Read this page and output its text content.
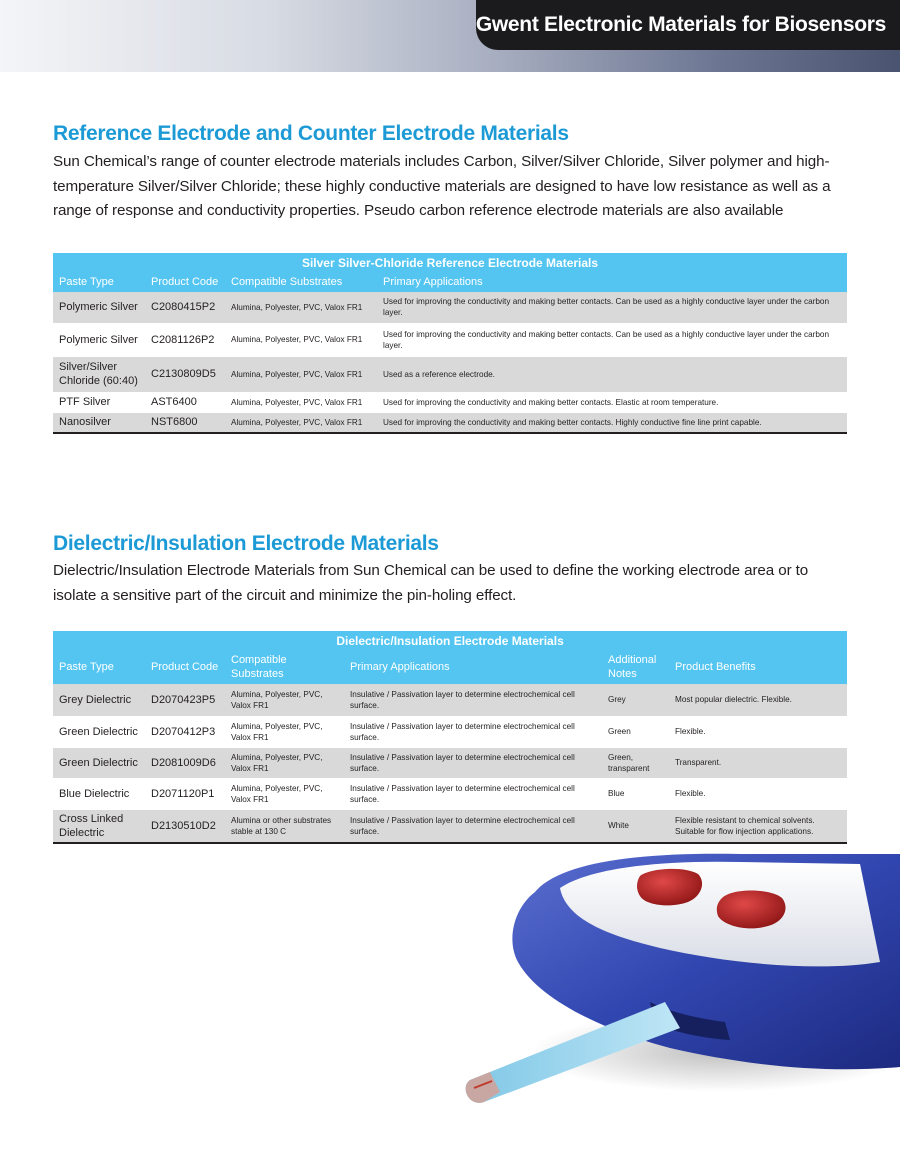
Gwent Electronic Materials for Biosensors
Reference Electrode and Counter Electrode Materials

Sun Chemical’s range of counter electrode materials includes Carbon, Silver/Silver Chloride, Silver polymer and high-temperature Silver/Silver Chloride; these highly conductive materials are designed to have low resistance as well as a range of response and conductivity properties. Pseudo carbon reference electrode materials are also available

Silver Silver-Chloride Reference Electrode Materials			
Paste Type	Product Code	Compatible Substrates	Primary Applications
Polymeric Silver	C2080415P2	Alumina, Polyester, PVC, Valox FR1	Used for improving the conductivity and making better contacts. Can be used as a highly conductive layer under the carbon layer.
Polymeric Silver	C2081126P2	Alumina, Polyester, PVC, Valox FR1	Used for improving the conductivity and making better contacts. Can be used as a highly conductive layer under the carbon layer.
Silver/Silver Chloride (60:40)	C2130809D5	Alumina, Polyester, PVC, Valox FR1	Used as a reference electrode.
PTF Silver	AST6400	Alumina, Polyester, PVC, Valox FR1	Used for improving the conductivity and making better contacts. Elastic at room temperature.
Nanosilver	NST6800	Alumina, Polyester, PVC, Valox FR1	Used for improving the conductivity and making better contacts. Highly conductive fine line print capable.
Dielectric/Insulation Electrode Materials

Dielectric/Insulation Electrode Materials from Sun Chemical can be used to define the working electrode area or to isolate a sensitive part of the circuit and minimize the pin-holing effect.

Dielectric/Insulation Electrode Materials					
Paste Type	Product Code	Compatible Substrates	Primary Applications	Additional Notes	Product Benefits
Grey Dielectric	D2070423P5	Alumina, Polyester, PVC, Valox FR1	Insulative / Passivation layer to determine electrochemical cell surface.	Grey	Most popular dielectric. Flexible.
Green Dielectric	D2070412P3	Alumina, Polyester, PVC, Valox FR1	Insulative / Passivation layer to determine electrochemical cell surface.	Green	Flexible.
Green Dielectric	D2081009D6	Alumina, Polyester, PVC, Valox FR1	Insulative / Passivation layer to determine electrochemical cell surface.	Green, transparent	Transparent.
Blue Dielectric	D2071120P1	Alumina, Polyester, PVC, Valox FR1	Insulative / Passivation layer to determine electrochemical cell surface.	Blue	Flexible.
Cross Linked Dielectric	D2130510D2	Alumina or other substrates stable at 130 C	Insulative / Passivation layer to determine electrochemical cell surface.	White	Flexible resistant to chemical solvents. Suitable for flow injection applications.
